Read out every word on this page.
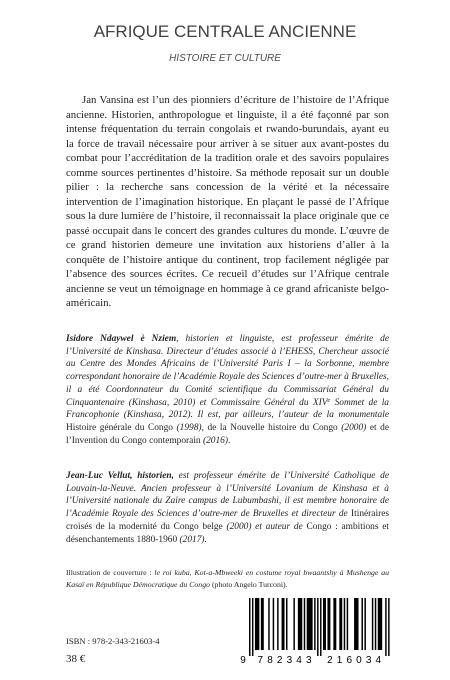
AFRIQUE CENTRALE ANCIENNE
HISTOIRE ET CULTURE

Jan Vansina est l’un des pionniers d’écriture de l’histoire de l’Afrique ancienne. Historien, anthropologue et linguiste, il a été façonné par son intense fréquentation du terrain congolais et rwando-burundais, ayant eu la force de travail nécessaire pour arriver à se situer aux avant-postes du combat pour l’accréditation de la tradition orale et des savoirs populaires comme sources pertinentes d’histoire. Sa méthode reposait sur un double pilier : la recherche sans concession de la vérité et la nécessaire intervention de l’imagination historique. En plaçant le passé de l’Afrique sous la dure lumière de l’histoire, il reconnaissait la place originale que ce passé occupait dans le concert des grandes cultures du monde. L’œuvre de ce grand historien demeure une invitation aux historiens d’aller à la conquête de l’histoire antique du continent, trop facilement négligée par l’absence des sources écrites. Ce recueil d’études sur l’Afrique centrale ancienne se veut un témoignage en hommage à ce grand africaniste belgo-américain.

Isidore Ndaywel è Nziem, historien et linguiste, est professeur émérite de l’Université de Kinshasa. Directeur d’études associé à l’EHESS, Chercheur associé au Centre des Mondes Africains de l’Université Paris I – la Sorbonne, membre correspondant honoraire de l’Académie Royale des Sciences d’outre-mer à Bruxelles, il a été Coordonnateur du Comité scientifique du Commissariat Général du Cinquantenaire (Kinshasa, 2010) et Commissaire Général du XIVe Sommet de la Francophonie (Kinshasa, 2012). Il est, par ailleurs, l’auteur de la monumentale Histoire générale du Congo (1998), de la Nouvelle histoire du Congo (2000) et de l’Invention du Congo contemporain (2016).

Jean-Luc Vellut, historien, est professeur émérite de l’Université Catholique de Louvain-la-Neuve. Ancien professeur à l’Université Lovanium de Kinshasa et à l’Université nationale du Zaïre campus de Lubumbashi, il est membre honoraire de l’Académie Royale des Sciences d’outre-mer de Bruxelles et directeur de Itinéraires croisés de la modernité du Congo belge (2000) et auteur de Congo : ambitions et désenchantements 1880-1960 (2017).

Illustration de couverture : le roi kuba, Kot-a-Mbweeki en costume royal bwaantshy à Mushenge au Kasaï en République Démocratique du Congo (photo Angelo Turconi).

ISBN : 978-2-343-21603-4
38 €	9 782343 216034
